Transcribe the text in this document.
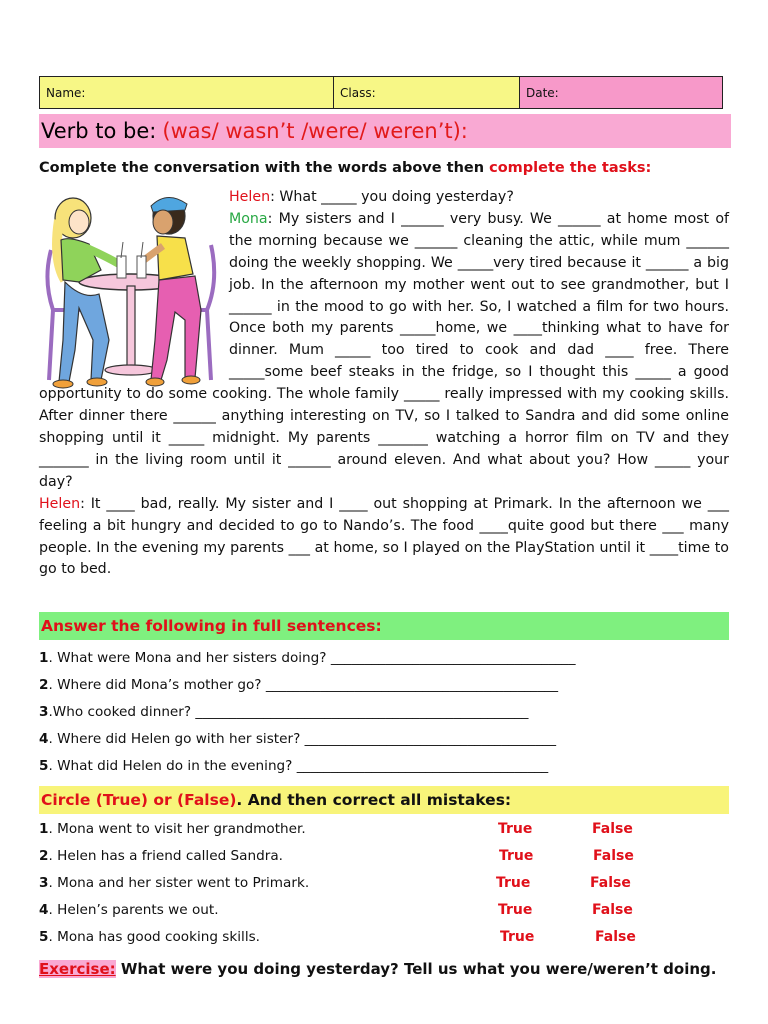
Name:	Class:	Date:
Verb to be: (was/ wasn’t /were/ weren’t):
Complete the conversation with the words above then complete the tasks:
Helen: What _____ you doing yesterday?
Mona: My sisters and I ______ very busy. We ______ at home most of the morning because we ______ cleaning the attic, while mum ______ doing the weekly shopping. We _____very tired because it ______ a big job. In the afternoon my mother went out to see grandmother, but I ______ in the mood to go with her. So, I watched a film for two hours. Once both my parents _____home, we ____thinking what to have for dinner. Mum _____ too tired to cook and dad ____ free. There _____some beef steaks in the fridge, so I thought this _____ a good opportunity to do some cooking. The whole family _____ really impressed with my cooking skills. After dinner there ______ anything interesting on TV, so I talked to Sandra and did some online shopping until it _____ midnight. My parents _______ watching a horror film on TV and they _______ in the living room until it ______ around eleven. And what about you? How _____ your day?
Helen: It ____ bad, really. My sister and I ____ out shopping at Primark. In the afternoon we ___ feeling a bit hungry and decided to go to Nando’s. The food ____quite good but there ___ many people. In the evening my parents ___ at home, so I played on the PlayStation until it ____time to go to bed.
Answer the following in full sentences:
1. What were Mona and her sisters doing? ____________________________________
2. Where did Mona’s mother go? ___________________________________________
3.Who cooked dinner? _________________________________________________
4. Where did Helen go with her sister? _____________________________________
5. What did Helen do in the evening? _____________________________________
Circle (True) or (False) . And then correct all mistakes:
1. Mona went to visit her grandmother.	True	False
2. Helen has a friend called Sandra.	True	False
3. Mona and her sister went to Primark.	True	False
4. Helen’s parents we out.	True	False
5. Mona has good cooking skills.	True	False
Exercise: What were you doing yesterday? Tell us what you were/weren’t doing.
